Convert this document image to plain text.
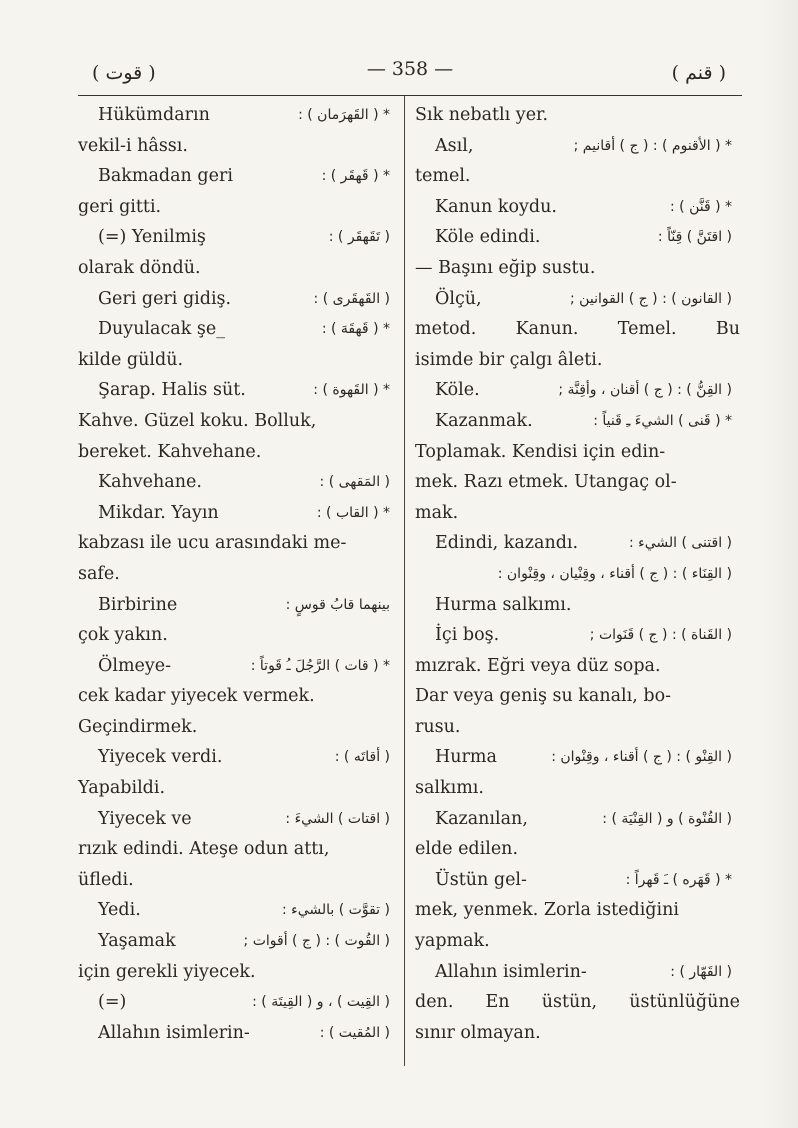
( قوت )	— 358 —	( قنم )
Hükümdarın	* ( القَهرَمان ) :
vekil-i hâssı.
Bakmadan geri	* ( قَهقَر ) :
geri gitti.
(=) Yenilmiş	( تَقَهقَر ) :
olarak döndü.
Geri geri gidiş.	( القَهقَرى ) :
Duyulacak şe_	* ( قَهقَهَ ) :
kilde güldü.
Şarap. Halis süt.	* ( القَهوة ) :
Kahve. Güzel koku. Bolluk,
bereket. Kahvehane.
Kahvehane.	( المَقهى ) :
Mikdar. Yayın	* ( القاب ) :
kabzası ile ucu arasındaki me-
safe.
Birbirine	بينهما قابُ قوسٍ :
çok yakın.
Ölmeye-	* ( قات ) الرَّجُلَ ـُ قَوتاً :
cek kadar yiyecek vermek.
Geçindirmek.
Yiyecek verdi.	( أقاتَه ) :
Yapabildi.
Yiyecek ve	( اقتات ) الشيءَ :
rızık edindi. Ateşe odun attı,
üfledi.
Yedi.	( تقوَّت ) بالشيء :
Yaşamak	( القُوت ) : ( ج ) أقوات ;
için gerekli yiyecek.
(=)	( القِيت ) ، و ( القِيتَة ) :
Allahın isimlerin-	( المُقيت ) :
Sık nebatlı yer.
Asıl,	* ( الأقنوم ) : ( ج ) أقانيم ;
temel.
Kanun koydu.	* ( قَنَّن ) :
Köle edindi.	( اقتَنَّ ) قِنّاً :
— Başını eğip sustu.
Ölçü,	( القانون ) : ( ج ) القوانين ;
metod. Kanun. Temel. Bu
isimde bir çalgı âleti.
Köle.	( القِنُّ ) : ( ج ) أقنان ، وأقِنَّة ;
Kazanmak.	* ( قَنى ) الشيءَ ـِ قَنياً :
Toplamak. Kendisi için edin-
mek. Razı etmek. Utangaç ol-
mak.
Edindi, kazandı.	( اقتنى ) الشيء :
( القِنَاء ) : ( ج ) أقناء ، وقِنْيان ، وقِنْوان :
Hurma salkımı.
İçi boş.	( القَناة ) : ( ج ) قَنَوات ;
mızrak. Eğri veya düz sopa.
Dar veya geniş su kanalı, bo-
rusu.
Hurma	( القِنْو ) : ( ج ) أقناء ، وقِنْوان :
salkımı.
Kazanılan,	( القُنْوة ) و ( القِنْيَة ) :
elde edilen.
Üstün gel-	* ( قَهَره ) ـَ قَهراً :
mek, yenmek. Zorla istediğini
yapmak.
Allahın isimlerin-	( القَهّار ) :
den. En üstün, üstünlüğüne
sınır olmayan.
